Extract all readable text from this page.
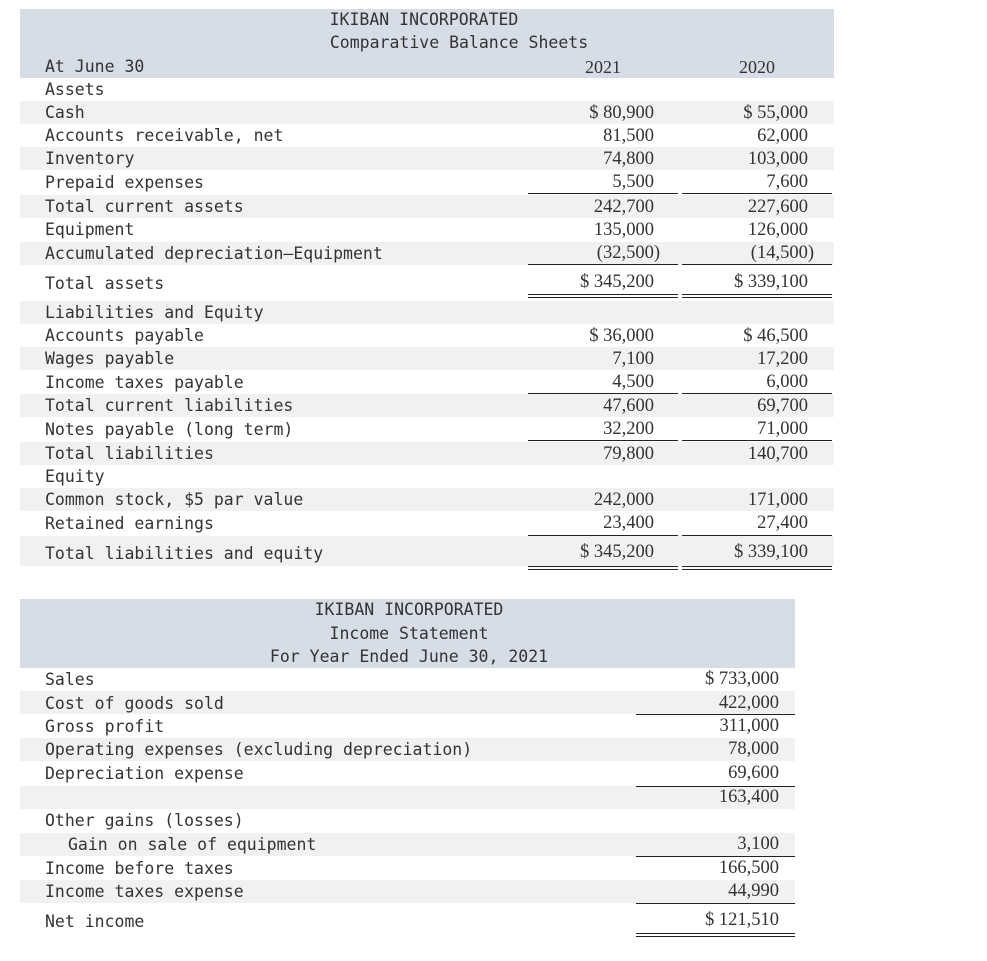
IKIBAN INCORPORATED
Comparative Balance Sheets
At June 30	2021	2020
Assets
Cash	$ 80,900	$ 55,000
Accounts receivable, net	81,500	62,000
Inventory	74,800	103,000
Prepaid expenses	5,500	7,600
Total current assets	242,700	227,600
Equipment	135,000	126,000
Accumulated depreciation—Equipment	(32,500)	(14,500)
Total assets	$ 345,200	$ 339,100
Liabilities and Equity
Accounts payable	$ 36,000	$ 46,500
Wages payable	7,100	17,200
Income taxes payable	4,500	6,000
Total current liabilities	47,600	69,700
Notes payable (long term)	32,200	71,000
Total liabilities	79,800	140,700
Equity
Common stock, $5 par value	242,000	171,000
Retained earnings	23,400	27,400
Total liabilities and equity	$ 345,200	$ 339,100
IKIBAN INCORPORATED
Income Statement
For Year Ended June 30, 2021
Sales	$ 733,000
Cost of goods sold	422,000
Gross profit	311,000
Operating expenses (excluding depreciation)	78,000
Depreciation expense	69,600
163,400
Other gains (losses)
Gain on sale of equipment	3,100
Income before taxes	166,500
Income taxes expense	44,990
Net income	$ 121,510
